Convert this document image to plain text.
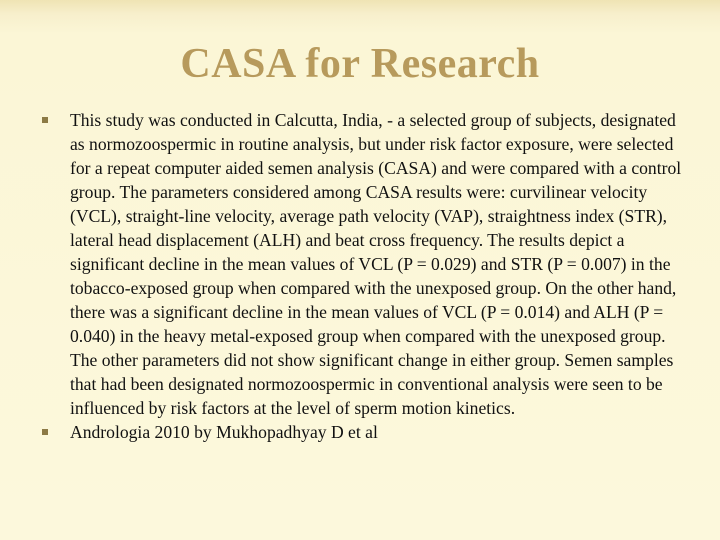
CASA for Research
This study was conducted in Calcutta, India, - a selected group of subjects, designated as normozoospermic in routine analysis, but under risk factor exposure, were selected for a repeat computer aided semen analysis (CASA) and were compared with a control group. The parameters considered among CASA results were: curvilinear velocity (VCL), straight-line velocity, average path velocity (VAP), straightness index (STR), lateral head displacement (ALH) and beat cross frequency. The results depict a significant decline in the mean values of VCL (P = 0.029) and STR (P = 0.007) in the tobacco-exposed group when compared with the unexposed group. On the other hand, there was a significant decline in the mean values of VCL (P = 0.014) and ALH (P = 0.040) in the heavy metal-exposed group when compared with the unexposed group. The other parameters did not show significant change in either group. Semen samples that had been designated normozoospermic in conventional analysis were seen to be influenced by risk factors at the level of sperm motion kinetics.
Andrologia 2010 by Mukhopadhyay D et al
